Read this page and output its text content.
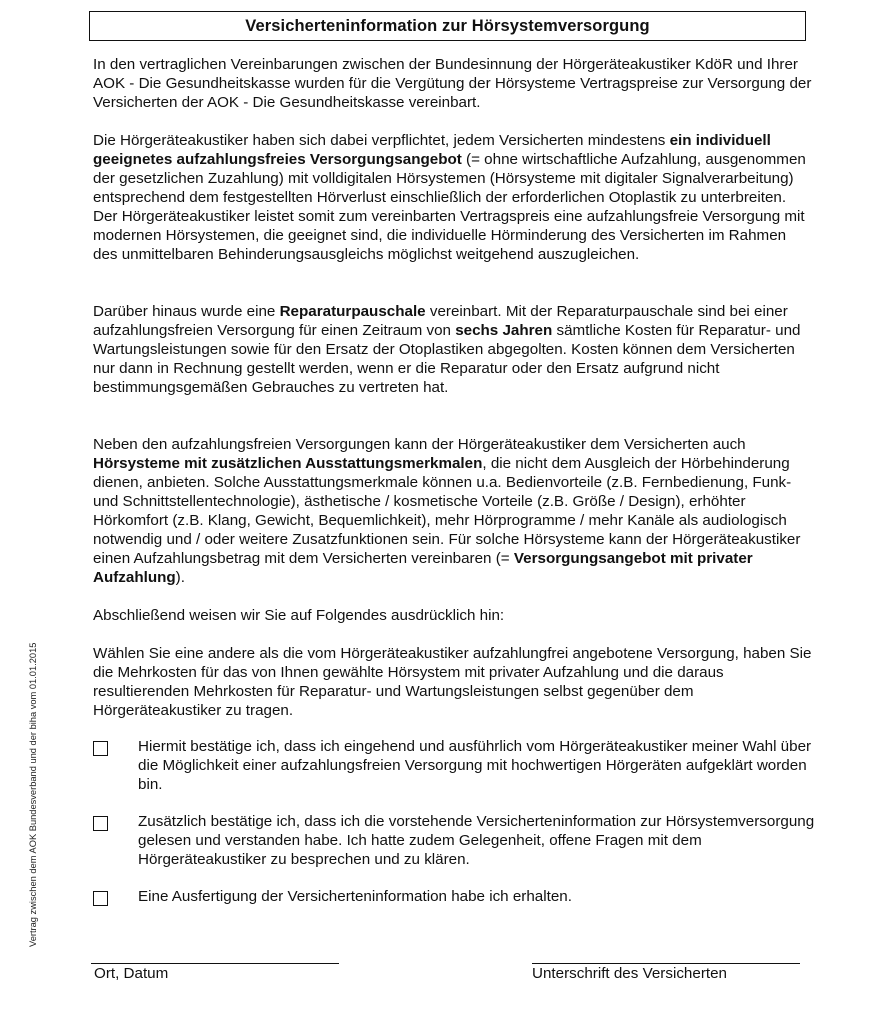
Vertrag zwischen dem AOK Bundesverband und der biha vom 01.01.2015
Versicherteninformation zur Hörsystemversorgung

In den vertraglichen Vereinbarungen zwischen der Bundesinnung der Hörgeräteakustiker KdöR und Ihrer AOK - Die Gesundheitskasse wurden für die Vergütung der Hörsysteme Vertragspreise zur Versorgung der Versicherten der AOK - Die Gesundheitskasse vereinbart.

Die Hörgeräteakustiker haben sich dabei verpflichtet, jedem Versicherten mindestens ein individuell geeignetes aufzahlungsfreies Versorgungsangebot (= ohne wirtschaftliche Aufzahlung, ausgenommen der gesetzlichen Zuzahlung) mit volldigitalen Hörsystemen (Hörsysteme mit digitaler Signalverarbeitung) entsprechend dem festgestellten Hörverlust einschließlich der erforderlichen Otoplastik zu unterbreiten. Der Hörgeräteakustiker leistet somit zum vereinbarten Vertragspreis eine aufzahlungsfreie Versorgung mit modernen Hörsystemen, die geeignet sind, die individuelle Hörminderung des Versicherten im Rahmen des unmittelbaren Behinderungsausgleichs möglichst weitgehend auszugleichen.

Darüber hinaus wurde eine Reparaturpauschale vereinbart. Mit der Reparaturpauschale sind bei einer aufzahlungsfreien Versorgung für einen Zeitraum von sechs Jahren sämtliche Kosten für Reparatur- und Wartungsleistungen sowie für den Ersatz der Otoplastiken abgegolten. Kosten können dem Versicherten nur dann in Rechnung gestellt werden, wenn er die Reparatur oder den Ersatz aufgrund nicht bestimmungsgemäßen Gebrauches zu vertreten hat.

Neben den aufzahlungsfreien Versorgungen kann der Hörgeräteakustiker dem Versicherten auch Hörsysteme mit zusätzlichen Ausstattungsmerkmalen, die nicht dem Ausgleich der Hörbehinderung dienen, anbieten. Solche Ausstattungsmerkmale können u.a. Bedienvorteile (z.B. Fernbedienung, Funk- und Schnittstellentechnologie), ästhetische / kosmetische Vorteile (z.B. Größe / Design), erhöhter Hörkomfort (z.B. Klang, Gewicht, Bequemlichkeit), mehr Hörprogramme / mehr Kanäle als audiologisch notwendig und / oder weitere Zusatzfunktionen sein. Für solche Hörsysteme kann der Hörgeräteakustiker einen Aufzahlungsbetrag mit dem Versicherten vereinbaren (= Versorgungsangebot mit privater Aufzahlung).

Abschließend weisen wir Sie auf Folgendes ausdrücklich hin:

Wählen Sie eine andere als die vom Hörgeräteakustiker aufzahlungfrei angebotene Versorgung, haben Sie die Mehrkosten für das von Ihnen gewählte Hörsystem mit privater Aufzahlung und die daraus resultierenden Mehrkosten für Reparatur- und Wartungsleistungen selbst gegenüber dem Hörgeräteakustiker zu tragen.

Hiermit bestätige ich, dass ich eingehend und ausführlich vom Hörgeräteakustiker meiner Wahl über die Möglichkeit einer aufzahlungsfreien Versorgung mit hochwertigen Hörgeräten aufgeklärt worden bin.

Zusätzlich bestätige ich, dass ich die vorstehende Versicherteninformation zur Hörsystemversorgung gelesen und verstanden habe. Ich hatte zudem Gelegenheit, offene Fragen mit dem Hörgeräteakustiker zu besprechen und zu klären.

Eine Ausfertigung der Versicherteninformation habe ich erhalten.

Ort, Datum	Unterschrift des Versicherten
